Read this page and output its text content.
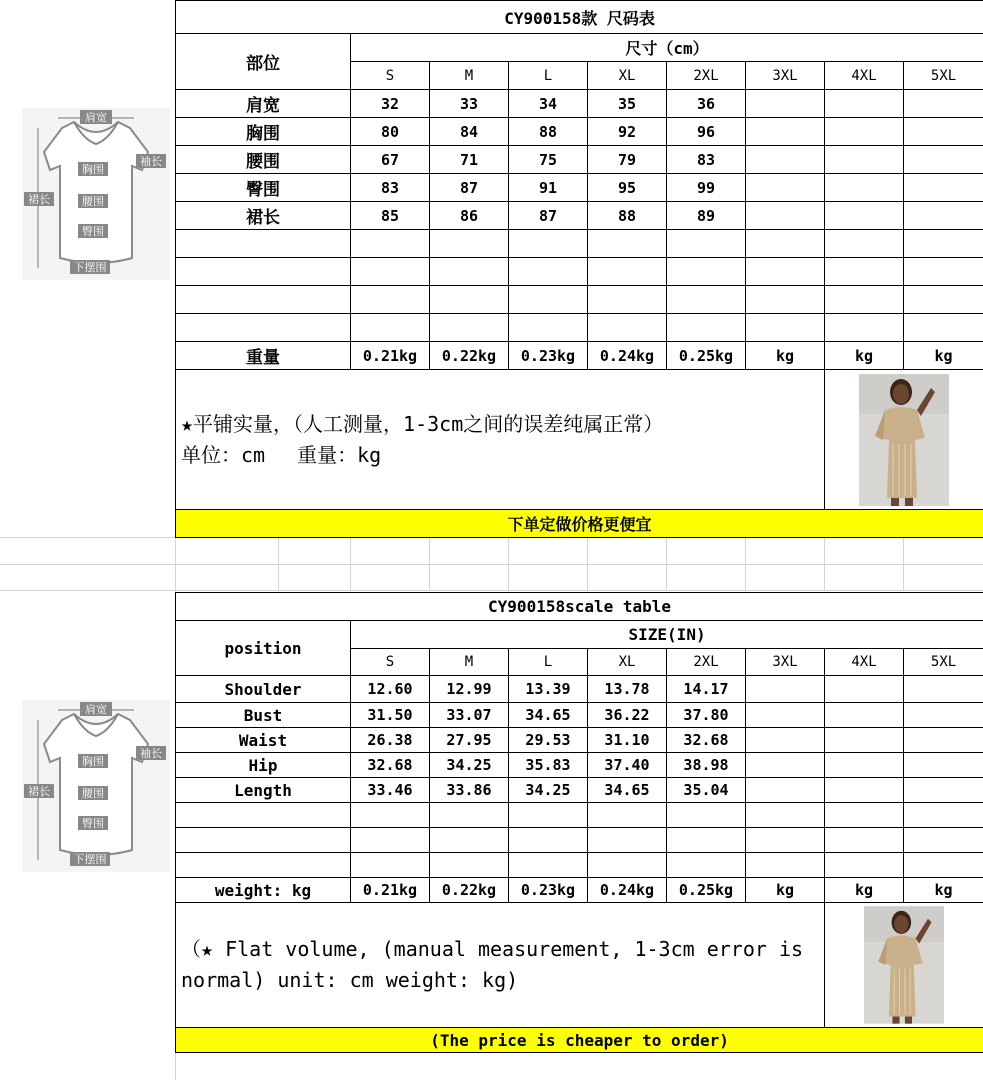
肩宽
袖长
胸围
腰围
臀围
下摆围
裙长
CY900158款 尺码表								
部位	尺寸（cm）							
	S	M	L	XL	2XL	3XL	4XL	5XL
肩宽	32	33	34	35	36			
胸围	80	84	88	92	96			
腰围	67	71	75	79	83			
臀围	83	87	91	95	99			
裙长	85	86	87	88	89			

重量	0.21kg	0.22kg	0.23kg	0.24kg	0.25kg	kg	kg	kg

★平铺实量，（人工测量，1-3cm之间的误差纯属正常）
单位：cm　 重量：kg

下单定做价格更便宜								
肩宽
袖长
胸围
腰围
臀围
下摆围
裙长
CY900158scale table								
position	SIZE(IN)							
	S	M	L	XL	2XL	3XL	4XL	5XL
Shoulder	12.60	12.99	13.39	13.78	14.17			
Bust	31.50	33.07	34.65	36.22	37.80			
Waist	26.38	27.95	29.53	31.10	32.68			
Hip	32.68	34.25	35.83	37.40	38.98			
Length	33.46	33.86	34.25	34.65	35.04			

weight: kg	0.21kg	0.22kg	0.23kg	0.24kg	0.25kg	kg	kg	kg
（★ Flat volume, (manual measurement, 1-3cm error is normal) unit: cm weight: kg)	

(The price is cheaper to order)								
